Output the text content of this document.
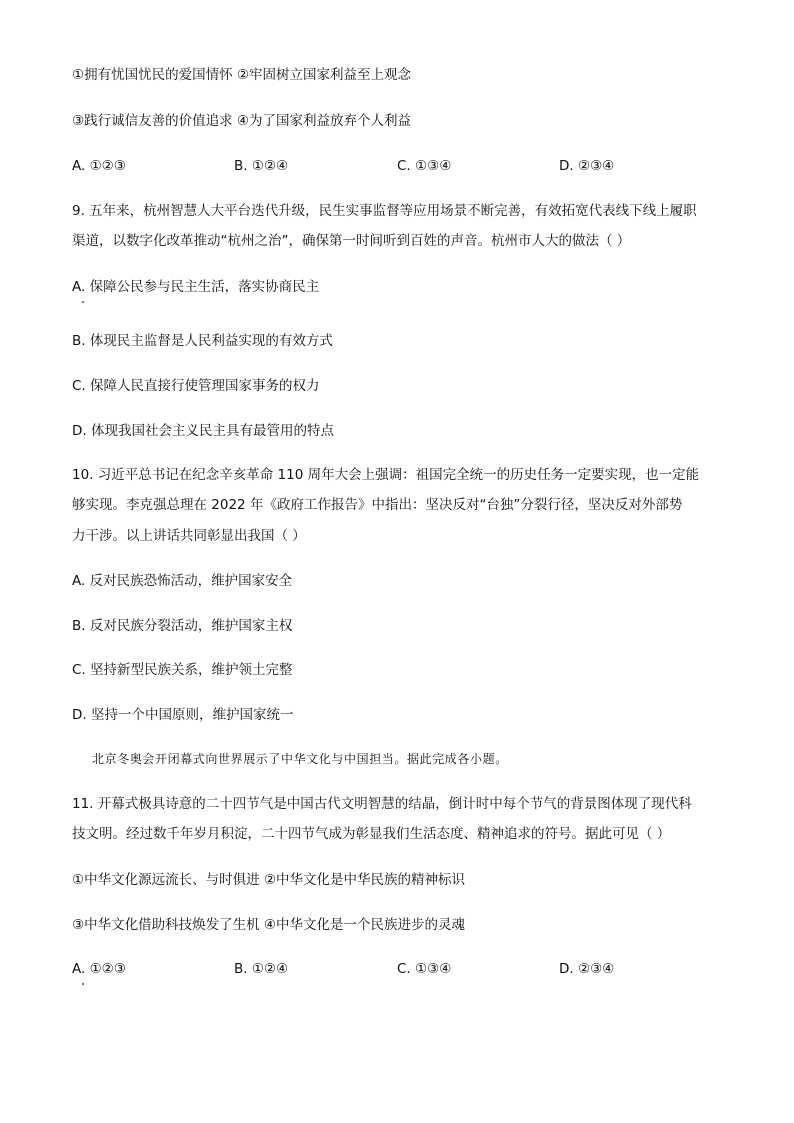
①拥有忧国忧民的爱国情怀 ②牢固树立国家利益至上观念
③践行诚信友善的价值追求 ④为了国家利益放弃个人利益
A. ①②③	B. ①②④	C. ①③④	D. ②③④
9. 五年来，杭州智慧人大平台迭代升级，民生实事监督等应用场景不断完善，有效拓宽代表线下线上履职
渠道，以数字化改革推动“杭州之治”，确保第一时间听到百姓的声音。杭州市人大的做法（ ）
A. 保障公民参与民主生活，落实协商民主
B. 体现民主监督是人民利益实现的有效方式
C. 保障人民直接行使管理国家事务的权力
D. 体现我国社会主义民主具有最管用的特点
10. 习近平总书记在纪念辛亥革命 110 周年大会上强调：祖国完全统一的历史任务一定要实现，也一定能
够实现。李克强总理在 2022 年《政府工作报告》中指出：坚决反对“台独”分裂行径，坚决反对外部势
力干涉。以上讲话共同彰显出我国（ ）
A. 反对民族恐怖活动，维护国家安全
B. 反对民族分裂活动，维护国家主权
C. 坚持新型民族关系，维护领土完整
D. 坚持一个中国原则，维护国家统一
北京冬奥会开闭幕式向世界展示了中华文化与中国担当。据此完成各小题。
11. 开幕式极具诗意的二十四节气是中国古代文明智慧的结晶，倒计时中每个节气的背景图体现了现代科
技文明。经过数千年岁月积淀，二十四节气成为彰显我们生活态度、精神追求的符号。据此可见（ ）
①中华文化源远流长、与时俱进 ②中华文化是中华民族的精神标识
③中华文化借助科技焕发了生机 ④中华文化是一个民族进步的灵魂
A. ①②③	B. ①②④	C. ①③④	D. ②③④
